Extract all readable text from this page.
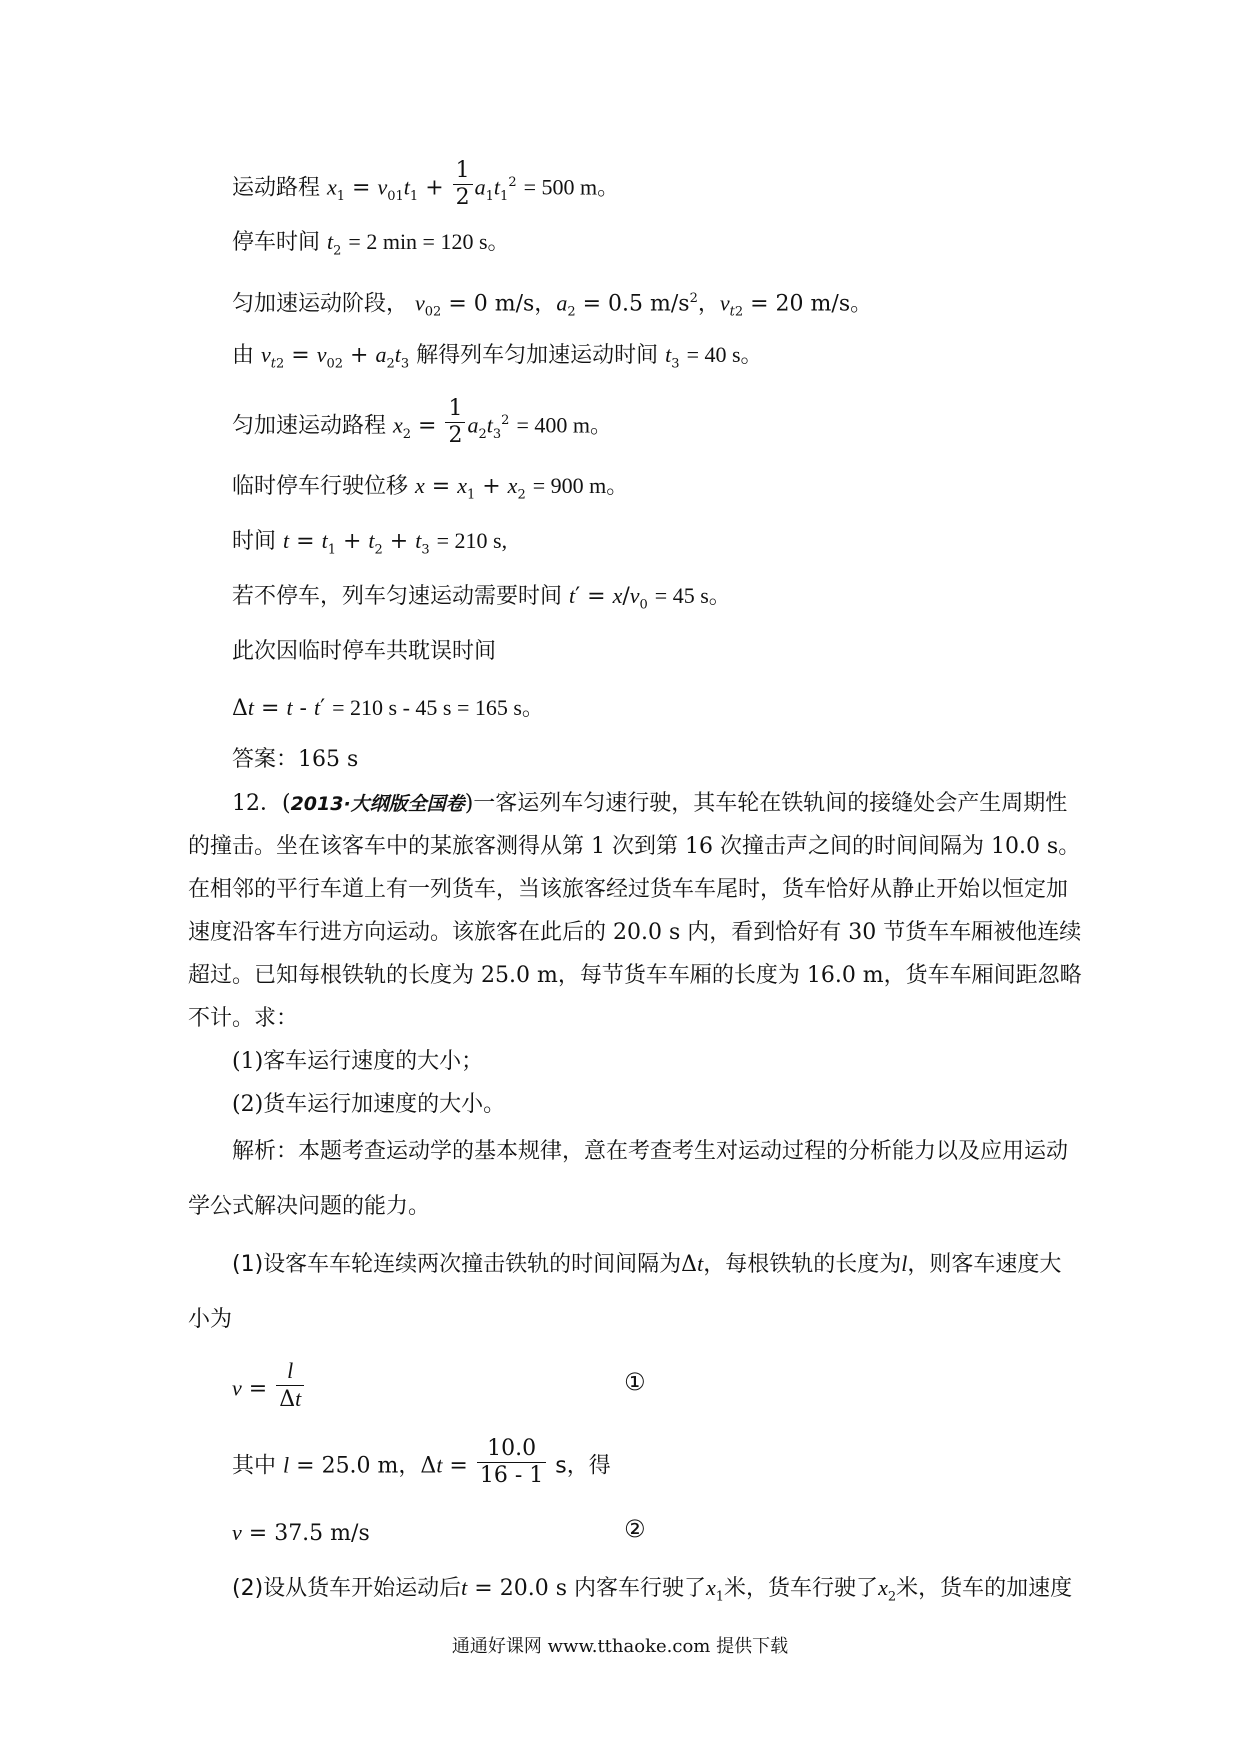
运动路程 $x_1 = v_{01}t_1 + \frac{1}{2} a_1t_1^2 = 500$ m。
停车时间 $t_2 = 2$ min = 120 s。
匀加速运动阶段， $v_{02} = 0$ m/s，$a_2 = 0.5$ $m/s^2$，$v_{t2} = 20$ m/s。
由 $v_{t2} = v_{02} + a_2t_3$ 解得列车匀加速运动时间 $t_3 = 40$ s。
匀加速运动路程 $x_2 = \frac{1}{2} a_2t_3^2 = 400$ m。
临时停车行驶位移 $x = x_1 + x_2 = 900$ m。
时间 $t = t_1 + t_2 + t_3 = 210$ s,
若不停车，列车匀速运动需要时间 $t' = x/v_0 = 45$ s。
此次因临时停车共耽误时间
Δt = t - t′ = 210 s - 45 s = 165 s。
答案：165 s
12．(2013·大纲版全国卷)一客运列车匀速行驶，其车轮在铁轨间的接缝处会产生周期性
的撞击。坐在该客车中的某旅客测得从第 1 次到第 16 次撞击声之间的时间间隔为 10.0 s。
在相邻的平行车道上有一列货车，当该旅客经过货车车尾时，货车恰好从静止开始以恒定加
速度沿客车行进方向运动。该旅客在此后的 20.0 s 内，看到恰好有 30 节货车车厢被他连续
超过。已知每根铁轨的长度为 25.0 m，每节货车车厢的长度为 16.0 m，货车车厢间距忽略
不计。求：
(1)客车运行速度的大小；
(2)货车运行加速度的大小。
解析：本题考查运动学的基本规律，意在考查考生对运动过程的分析能力以及应用运动
学公式解决问题的能力。
(1)设客车车轮连续两次撞击铁轨的时间间隔为Δt，每根铁轨的长度为l，则客车速度大
小为
$v = \frac{l}{\Delta t}$	①
其中 l = 25.0 m，$\Delta t = \frac{10.0}{16 - 1}$ s，得
v = 37.5 m/s	②
(2)设从货车开始运动后t = 20.0 s 内客车行驶了$x_1$米，货车行驶了$x_2$米，货车的加速度
通通好课网 www.tthaoke.com 提供下载
